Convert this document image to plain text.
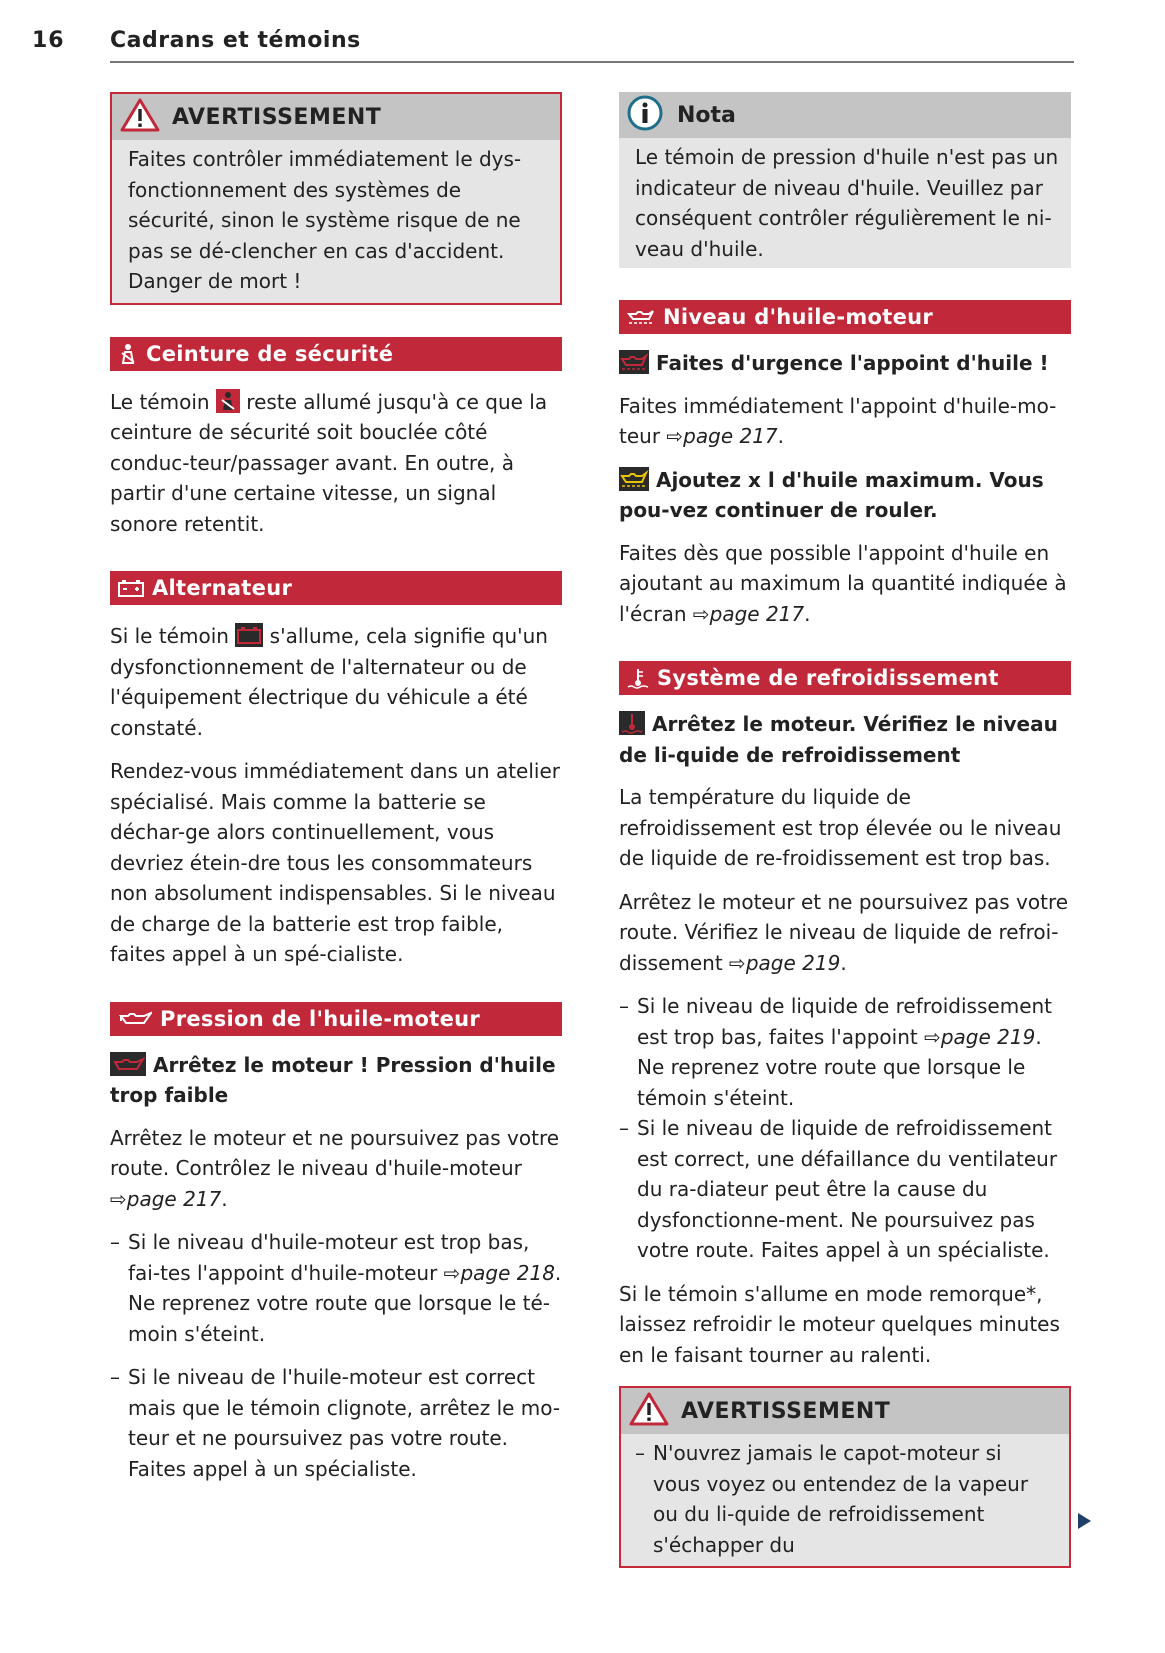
16 Cadrans et témoins
AVERTISSEMENT
Faites contrôler immédiatement le dys-fonctionnement des systèmes de sécurité, sinon le système risque de ne pas se dé-clencher en cas d'accident. Danger de mort !
Ceinture de sécurité

Le témoin reste allumé jusqu'à ce que la ceinture de sécurité soit bouclée côté conduc-teur/passager avant. En outre, à partir d'une certaine vitesse, un signal sonore retentit.

Alternateur

Si le témoin s'allume, cela signifie qu'un dysfonctionnement de l'alternateur ou de l'équipement électrique du véhicule a été constaté.

Rendez-vous immédiatement dans un atelier spécialisé. Mais comme la batterie se déchar-ge alors continuellement, vous devriez étein-dre tous les consommateurs non absolument indispensables. Si le niveau de charge de la batterie est trop faible, faites appel à un spé-cialiste.

Pression de l'huile-moteur

Arrêtez le moteur ! Pression d'huile trop faible

Arrêtez le moteur et ne poursuivez pas votre route. Contrôlez le niveau d'huile-moteur ⇨page 217.

– Si le niveau d'huile-moteur est trop bas, fai-tes l'appoint d'huile-moteur ⇨page 218. Ne reprenez votre route que lorsque le té-moin s'éteint.
– Si le niveau de l'huile-moteur est correct mais que le témoin clignote, arrêtez le mo-teur et ne poursuivez pas votre route. Faites appel à un spécialiste.
Nota
Le témoin de pression d'huile n'est pas un indicateur de niveau d'huile. Veuillez par conséquent contrôler régulièrement le ni-veau d'huile.
Niveau d'huile-moteur

Faites d'urgence l'appoint d'huile !

Faites immédiatement l'appoint d'huile-mo-teur ⇨page 217.

Ajoutez x l d'huile maximum. Vous pou-vez continuer de rouler.

Faites dès que possible l'appoint d'huile en ajoutant au maximum la quantité indiquée à l'écran ⇨page 217.

Système de refroidissement

Arrêtez le moteur. Vérifiez le niveau de li-quide de refroidissement

La température du liquide de refroidissement est trop élevée ou le niveau de liquide de re-froidissement est trop bas.

Arrêtez le moteur et ne poursuivez pas votre route. Vérifiez le niveau de liquide de refroi-dissement ⇨page 219.

– Si le niveau de liquide de refroidissement est trop bas, faites l'appoint ⇨page 219. Ne reprenez votre route que lorsque le témoin s'éteint.
– Si le niveau de liquide de refroidissement est correct, une défaillance du ventilateur du ra-diateur peut être la cause du dysfonctionne-ment. Ne poursuivez pas votre route. Faites appel à un spécialiste.

Si le témoin s'allume en mode remorque*, laissez refroidir le moteur quelques minutes en le faisant tourner au ralenti.

AVERTISSEMENT
– N'ouvrez jamais le capot-moteur si vous voyez ou entendez de la vapeur ou du li-quide de refroidissement s'échapper du
